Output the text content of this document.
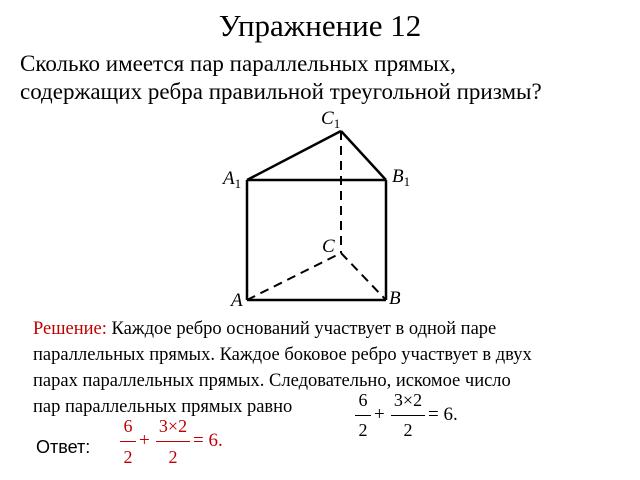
Упражнение 12
Сколько имеется пар параллельных прямых,
содержащих ребра правильной треугольной призмы?
$C_1$
$A_1$	$B_1$
C
A	B
Решение: Каждое ребро оснований участвует в одной паре
параллельных прямых. Каждое боковое ребро участвует в двух
парах параллельных прямых. Следовательно, искомое число
пар параллельных прямых равно	6
2
+
3×2
2
= 6.
Ответ:
6
2
+
3×2
2
= 6.
